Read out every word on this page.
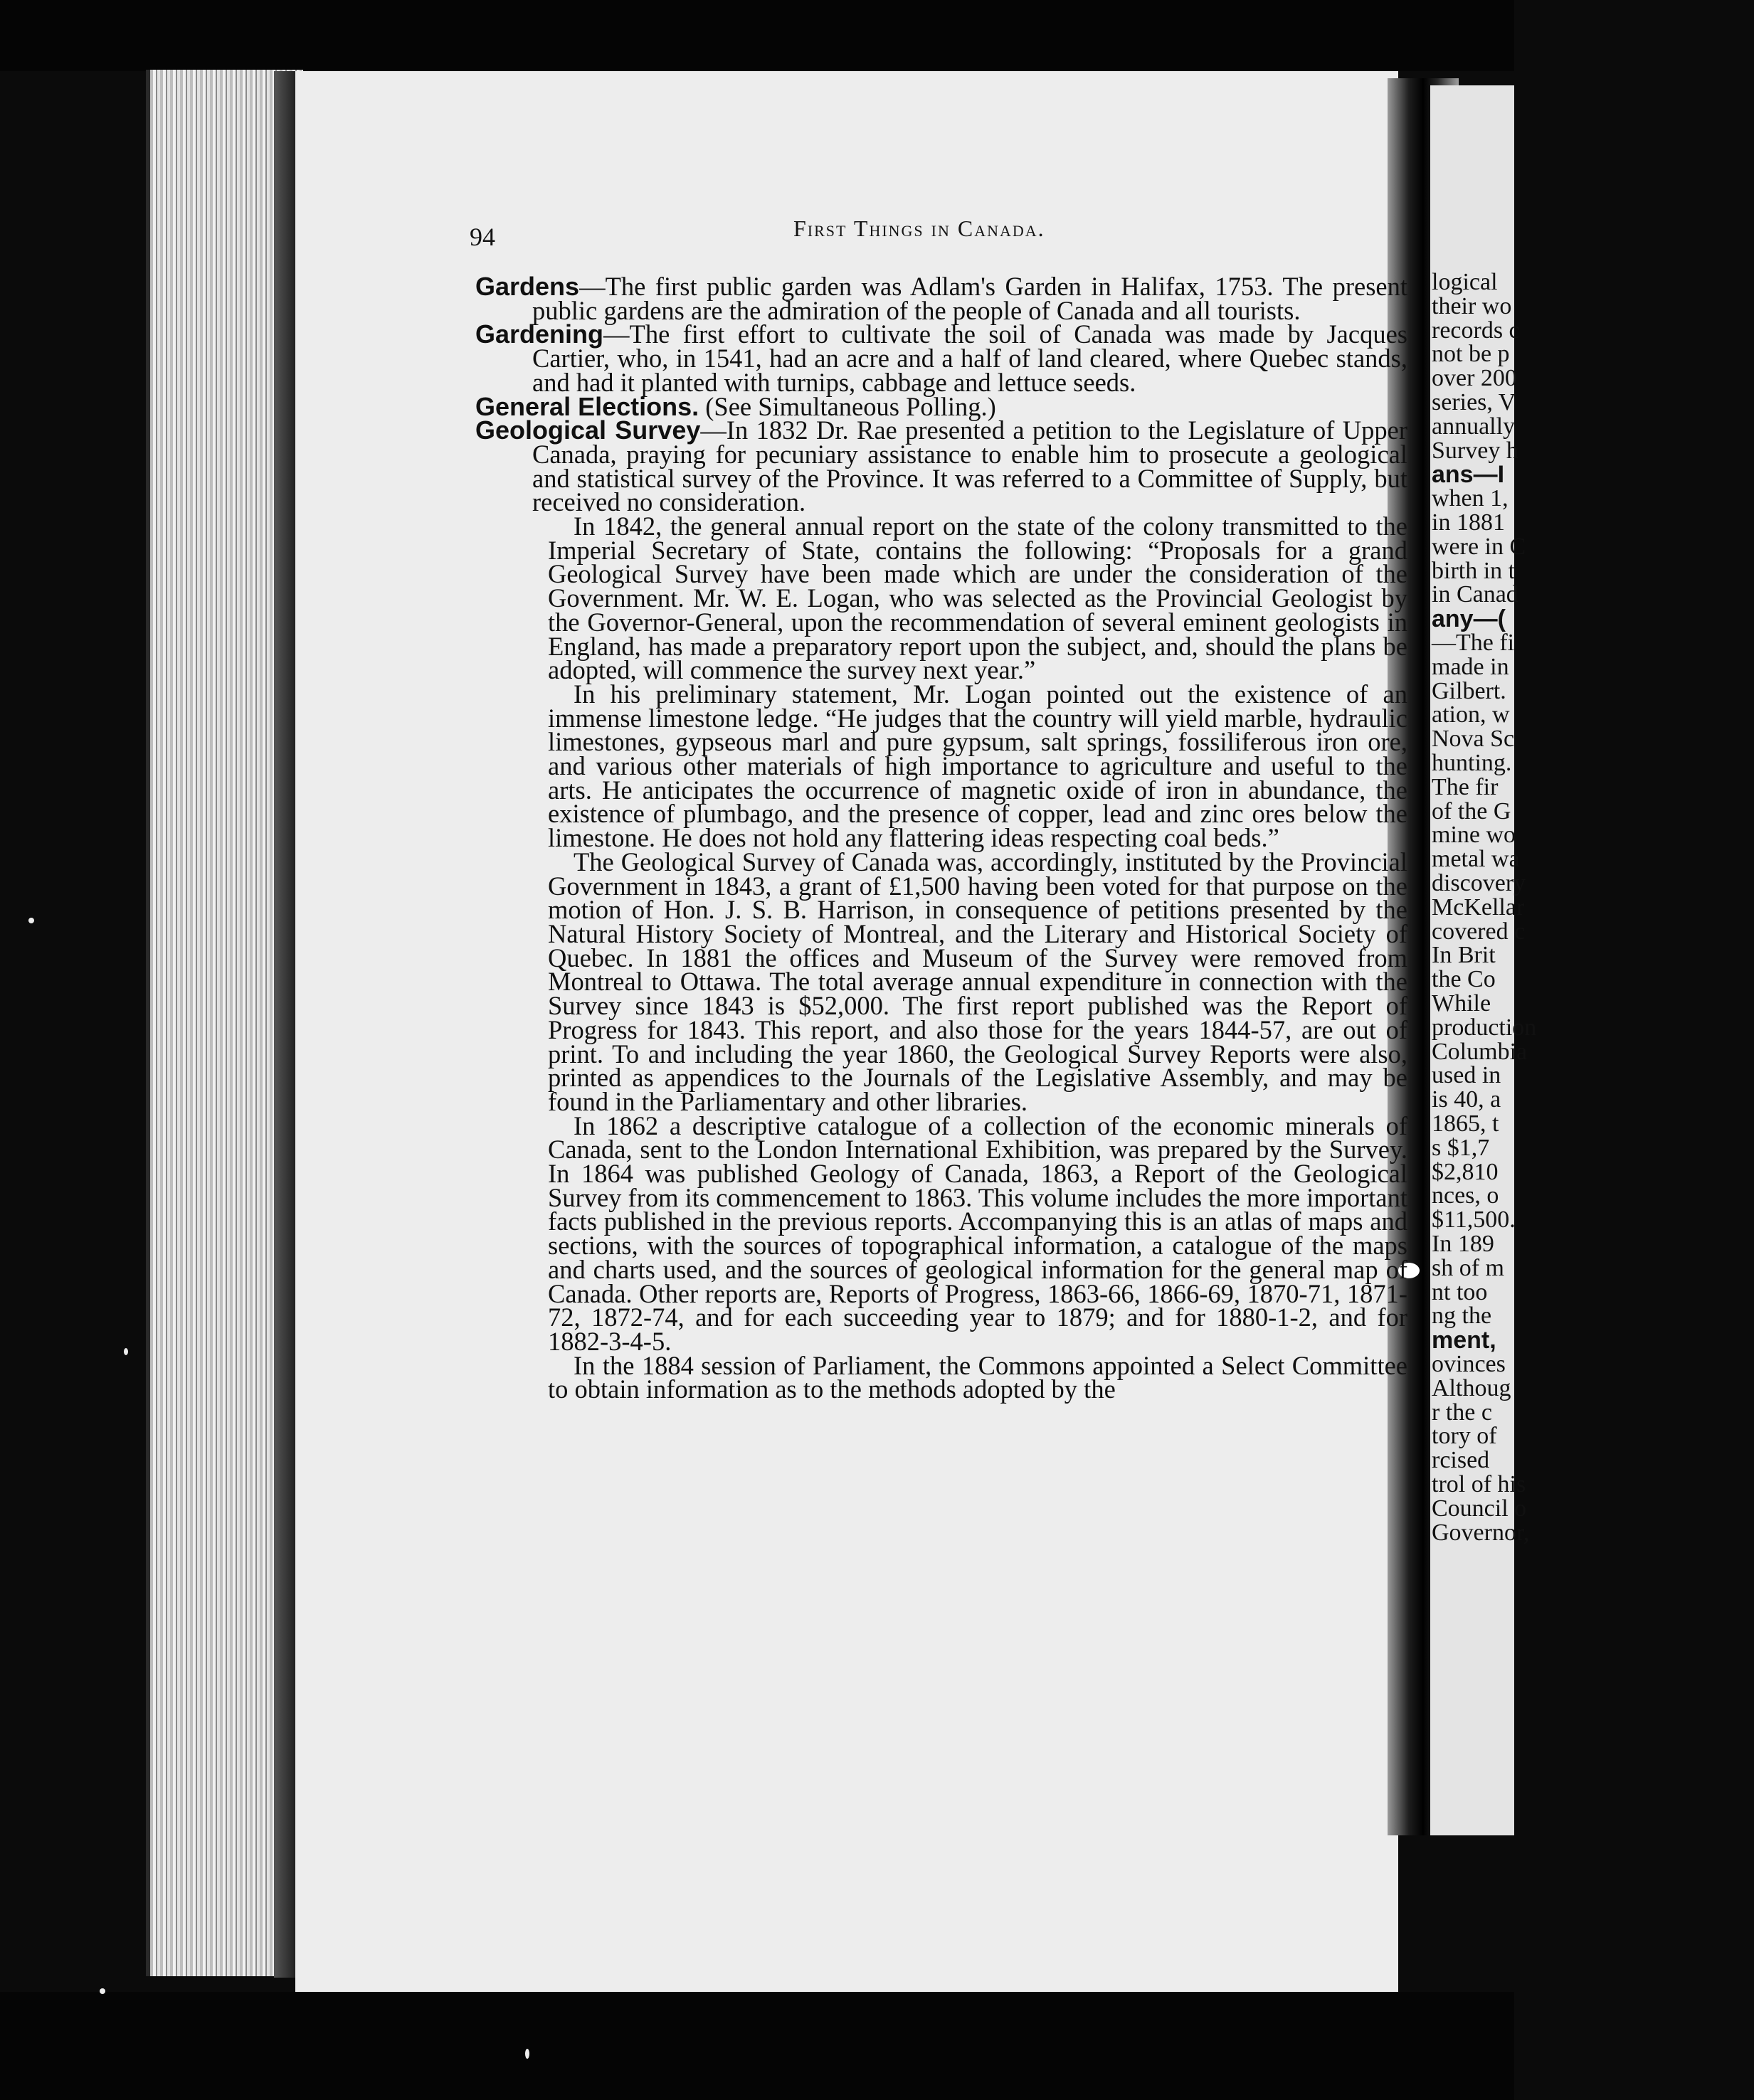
94	First Things in Canada.

Gardens—The first public garden was Adlam's Garden in Halifax, 1753. The present public gardens are the admiration of the people of Canada and all tourists.

Gardening—The first effort to cultivate the soil of Canada was made by Jacques Cartier, who, in 1541, had an acre and a half of land cleared, where Quebec stands, and had it planted with turnips, cabbage and lettuce seeds.

General Elections. (See Simultaneous Polling.)

Geological Survey—In 1832 Dr. Rae presented a petition to the Legislature of Upper Canada, praying for pecuniary assistance to enable him to prosecute a geological and statistical survey of the Province. It was referred to a Committee of Supply, but received no consideration.

In 1842, the general annual report on the state of the colony transmitted to the Imperial Secretary of State, contains the following: “Proposals for a grand Geological Survey have been made which are under the consideration of the Government. Mr. W. E. Logan, who was selected as the Provincial Geologist by the Governor-General, upon the recommendation of several eminent geologists in England, has made a preparatory report upon the subject, and, should the plans be adopted, will commence the survey next year.”

In his preliminary statement, Mr. Logan pointed out the existence of an immense limestone ledge. “He judges that the country will yield marble, hydraulic limestones, gypseous marl and pure gypsum, salt springs, fossiliferous iron ore, and various other materials of high importance to agriculture and useful to the arts. He anticipates the occurrence of magnetic oxide of iron in abundance, the existence of plumbago, and the presence of copper, lead and zinc ores below the limestone. He does not hold any flattering ideas respecting coal beds.”

The Geological Survey of Canada was, accordingly, instituted by the Provincial Government in 1843, a grant of £1,500 having been voted for that purpose on the motion of Hon. J. S. B. Harrison, in consequence of petitions presented by the Natural History Society of Montreal, and the Literary and Historical Society of Quebec. In 1881 the offices and Museum of the Survey were removed from Montreal to Ottawa. The total average annual expenditure in connection with the Survey since 1843 is $52,000. The first report published was the Report of Progress for 1843. This report, and also those for the years 1844-57, are out of print. To and including the year 1860, the Geological Survey Reports were also, printed as appendices to the Journals of the Legislative Assembly, and may be found in the Parliamentary and other libraries.

In 1862 a descriptive catalogue of a collection of the economic minerals of Canada, sent to the London International Exhibition, was prepared by the Survey. In 1864 was published Geology of Canada, 1863, a Report of the Geological Survey from its commencement to 1863. This volume includes the more important facts published in the previous reports. Accompanying this is an atlas of maps and sections, with the sources of topographical information, a catalogue of the maps and charts used, and the sources of geological information for the general map of Canada. Other reports are, Reports of Progress, 1863-66, 1866-69, 1870-71, 1871-72, 1872-74, and for each succeeding year to 1879; and for 1880-1-2, and for 1882-3-4-5.

In the 1884 session of Parliament, the Commons appointed a Select Committee to obtain information as to the methods adopted by the

logical
their wo
records c
not be p
over 200
series, V
annually
Survey h
ans—I
when 1,
in 1881
were in C
birth in t
in Canad
any—(
—The fi
made in
Gilbert.
ation, w
Nova Sc
hunting.
The fir
of the G
mine wo
metal wa
discovery
McKellar
covered c
In Brit
the Co
While
production
Columbia
used in
is 40, a
1865, t
s $1,7
$2,810
nces, o
$11,500.
In 189
sh of m
nt too
ng the
ment,
ovinces
Althoug
r the c
tory of
rcised
trol of his
Council o
Governor,
